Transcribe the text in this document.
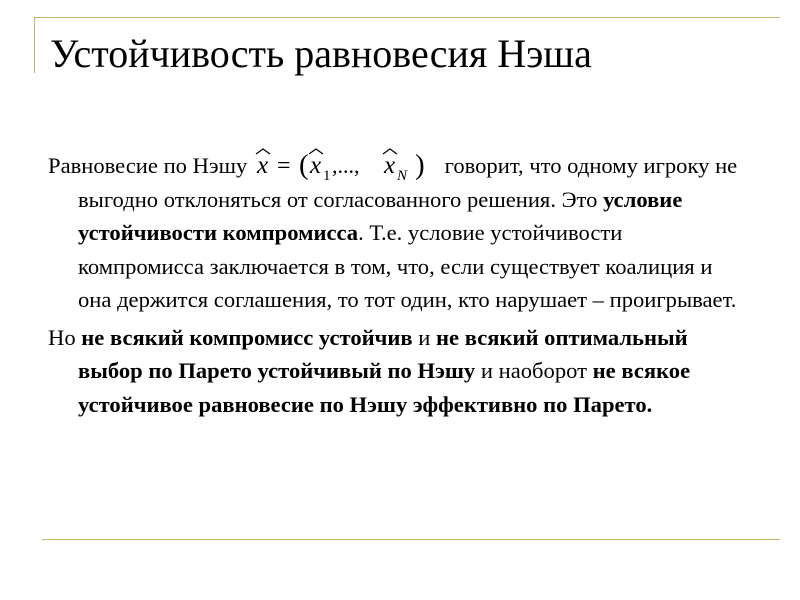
Устойчивость равновесия Нэша

Равновесие по Нэшу x = ( x 1 ,..., x N ) говорит, что одному игроку не выгодно отклоняться от согласованного решения. Это условие устойчивости компромисса. Т.е. условие устойчивости компромисса заключается в том, что, если существует коалиция и она держится соглашения, то тот один, кто нарушает – проигрывает.

Но не всякий компромисс устойчив и не всякий оптимальный выбор по Парето устойчивый по Нэшу и наоборот не всякое устойчивое равновесие по Нэшу эффективно по Парето.
